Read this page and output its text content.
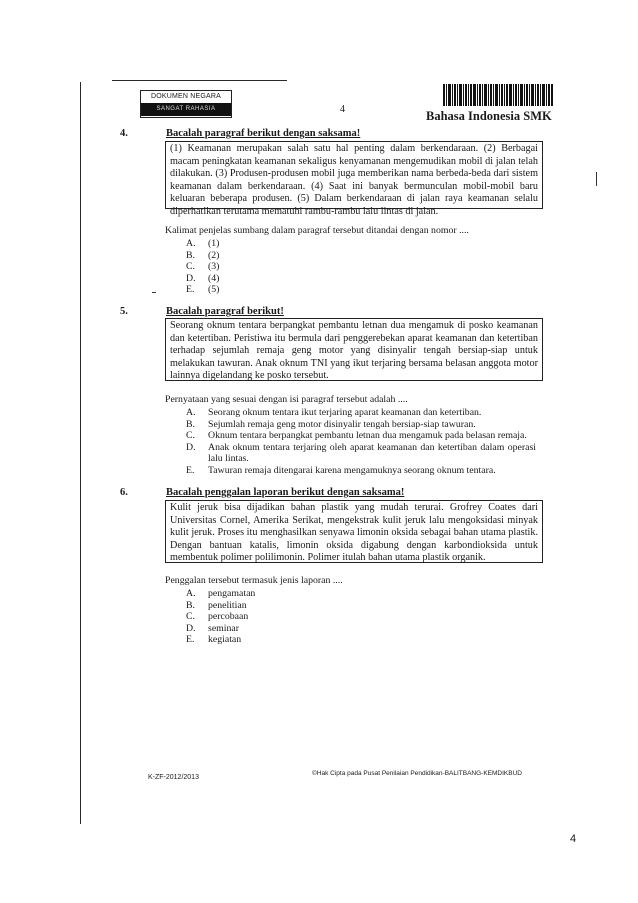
DOKUMEN NEGARA
SANGAT RAHASIA	4	Bahasa Indonesia SMK
4.	Bacalah paragraf berikut dengan saksama!
(1) Keamanan merupakan salah satu hal penting dalam berkendaraan. (2) Berbagai macam peningkatan keamanan sekaligus kenyamanan mengemudikan mobil di jalan telah dilakukan. (3) Produsen-produsen mobil juga memberikan nama berbeda-beda dari sistem keamanan dalam berkendaraan. (4) Saat ini banyak bermunculan mobil-mobil baru keluaran beberapa produsen. (5) Dalam berkendaraan di jalan raya keamanan selalu diperhatikan terutama mematuhi rambu-rambu lalu lintas di jalan.
Kalimat penjelas sumbang dalam paragraf tersebut ditandai dengan nomor ....
A.	(1)
B.	(2)
C.	(3)
D.	(4)
E.	(5)
5.	Bacalah paragraf berikut!
Seorang oknum tentara berpangkat pembantu letnan dua mengamuk di posko keamanan dan ketertiban. Peristiwa itu bermula dari penggerebekan aparat keamanan dan ketertiban terhadap sejumlah remaja geng motor yang disinyalir tengah bersiap-siap untuk melakukan tawuran. Anak oknum TNI yang ikut terjaring bersama belasan anggota motor lainnya digelandang ke posko tersebut.
Pernyataan yang sesuai dengan isi paragraf tersebut adalah ....
A.	Seorang oknum tentara ikut terjaring aparat keamanan dan ketertiban.
B.	Sejumlah remaja geng motor disinyalir tengah bersiap-siap tawuran.
C.	Oknum tentara berpangkat pembantu letnan dua mengamuk pada belasan remaja.
D.	Anak oknum tentara terjaring oleh aparat keamanan dan ketertiban dalam operasi lalu lintas.
E.	Tawuran remaja ditengarai karena mengamuknya seorang oknum tentara.
6.	Bacalah penggalan laporan berikut dengan saksama!
Kulit jeruk bisa dijadikan bahan plastik yang mudah terurai. Grofrey Coates dari Universitas Cornel, Amerika Serikat, mengekstrak kulit jeruk lalu mengoksidasi minyak kulit jeruk. Proses itu menghasilkan senyawa limonin oksida sebagai bahan utama plastik. Dengan bantuan katalis, limonin oksida digabung dengan karbondioksida untuk membentuk polimer polilimonin. Polimer itulah bahan utama plastik organik.
Penggalan tersebut termasuk jenis laporan ....
A.	pengamatan
B.	penelitian
C.	percobaan
D.	seminar
E.	kegiatan
K-ZF-2012/2013
©Hak Cipta pada Pusat Penilaian Pendidikan-BALITBANG-KEMDIKBUD
4
